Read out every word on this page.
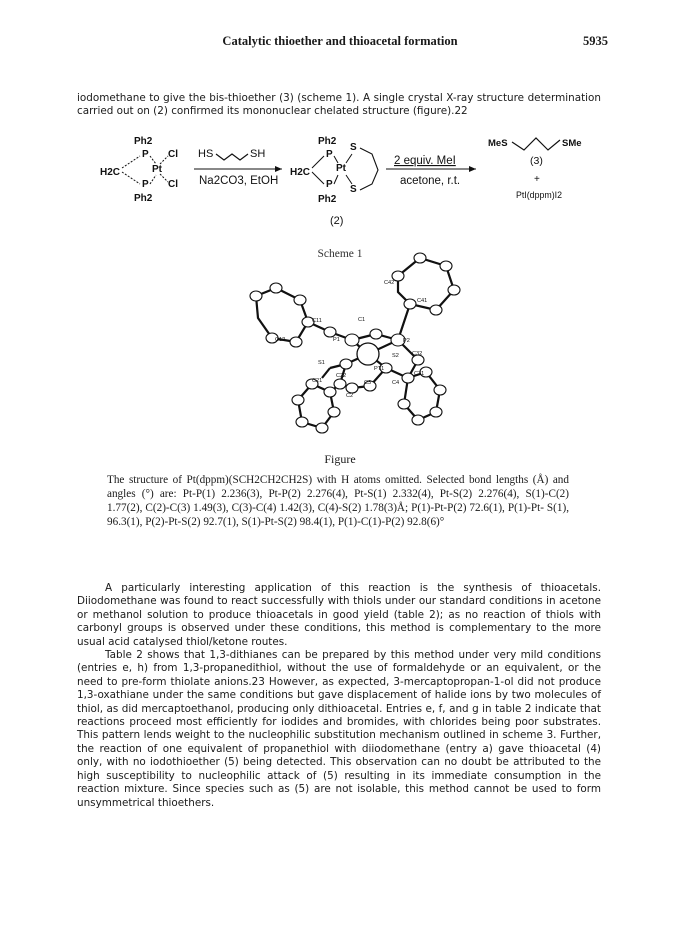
Catalytic thioether and thioacetal formation	5935

iodomethane to give the bis-thioether (3) (scheme 1). A single crystal X-ray structure determination carried out on (2) confirmed its mononuclear chelated structure (figure).22

Ph2
P Cl
H2C	Pt
P Cl
Ph2
HS	SH
Na2CO3, EtOH
Ph2
P
S
H2C	Pt
P S
Ph2
(2)
2 equiv. MeI
acetone, r.t.
MeS	SMe
(3)
+
PtI(dppm)I2
Scheme 1
C42
C41
C11	C1
C12	P1	P2
S2 C32
S1
PT1
C31
C21
C22
C3	C4
C2
Figure
The structure of Pt(dppm)(SCH2CH2CH2S) with H atoms omitted. Selected bond lengths (Å) and angles (°) are: Pt-P(1) 2.236(3), Pt-P(2) 2.276(4), Pt-S(1) 2.332(4), Pt-S(2) 2.276(4), S(1)-C(2) 1.77(2), C(2)-C(3) 1.49(3), C(3)-C(4) 1.42(3), C(4)-S(2) 1.78(3)Å; P(1)-Pt-P(2) 72.6(1), P(1)-Pt- S(1), 96.3(1), P(2)-Pt-S(2) 92.7(1), S(1)-Pt-S(2) 98.4(1), P(1)-C(1)-P(2) 92.8(6)°

A particularly interesting application of this reaction is the synthesis of thioacetals. Diiodomethane was found to react successfully with thiols under our standard conditions in acetone or methanol solution to produce thioacetals in good yield (table 2); as no reaction of thiols with carbonyl groups is observed under these conditions, this method is complementary to the more usual acid catalysed thiol/ketone routes.

Table 2 shows that 1,3-dithianes can be prepared by this method under very mild conditions (entries e, h) from 1,3-propanedithiol, without the use of formaldehyde or an equivalent, or the need to pre-form thiolate anions.23 However, as expected, 3-mercaptopropan-1-ol did not produce 1,3-oxathiane under the same conditions but gave displacement of halide ions by two molecules of thiol, as did mercaptoethanol, producing only dithioacetal. Entries e, f, and g in table 2 indicate that reactions proceed most efficiently for iodides and bromides, with chlorides being poor substrates. This pattern lends weight to the nucleophilic substitution mechanism outlined in scheme 3. Further, the reaction of one equivalent of propanethiol with diiodomethane (entry a) gave thioacetal (4) only, with no iodothioether (5) being detected. This observation can no doubt be attributed to the high susceptibility to nucleophilic attack of (5) resulting in its immediate consumption in the reaction mixture. Since species such as (5) are not isolable, this method cannot be used to form unsymmetrical thioethers.
